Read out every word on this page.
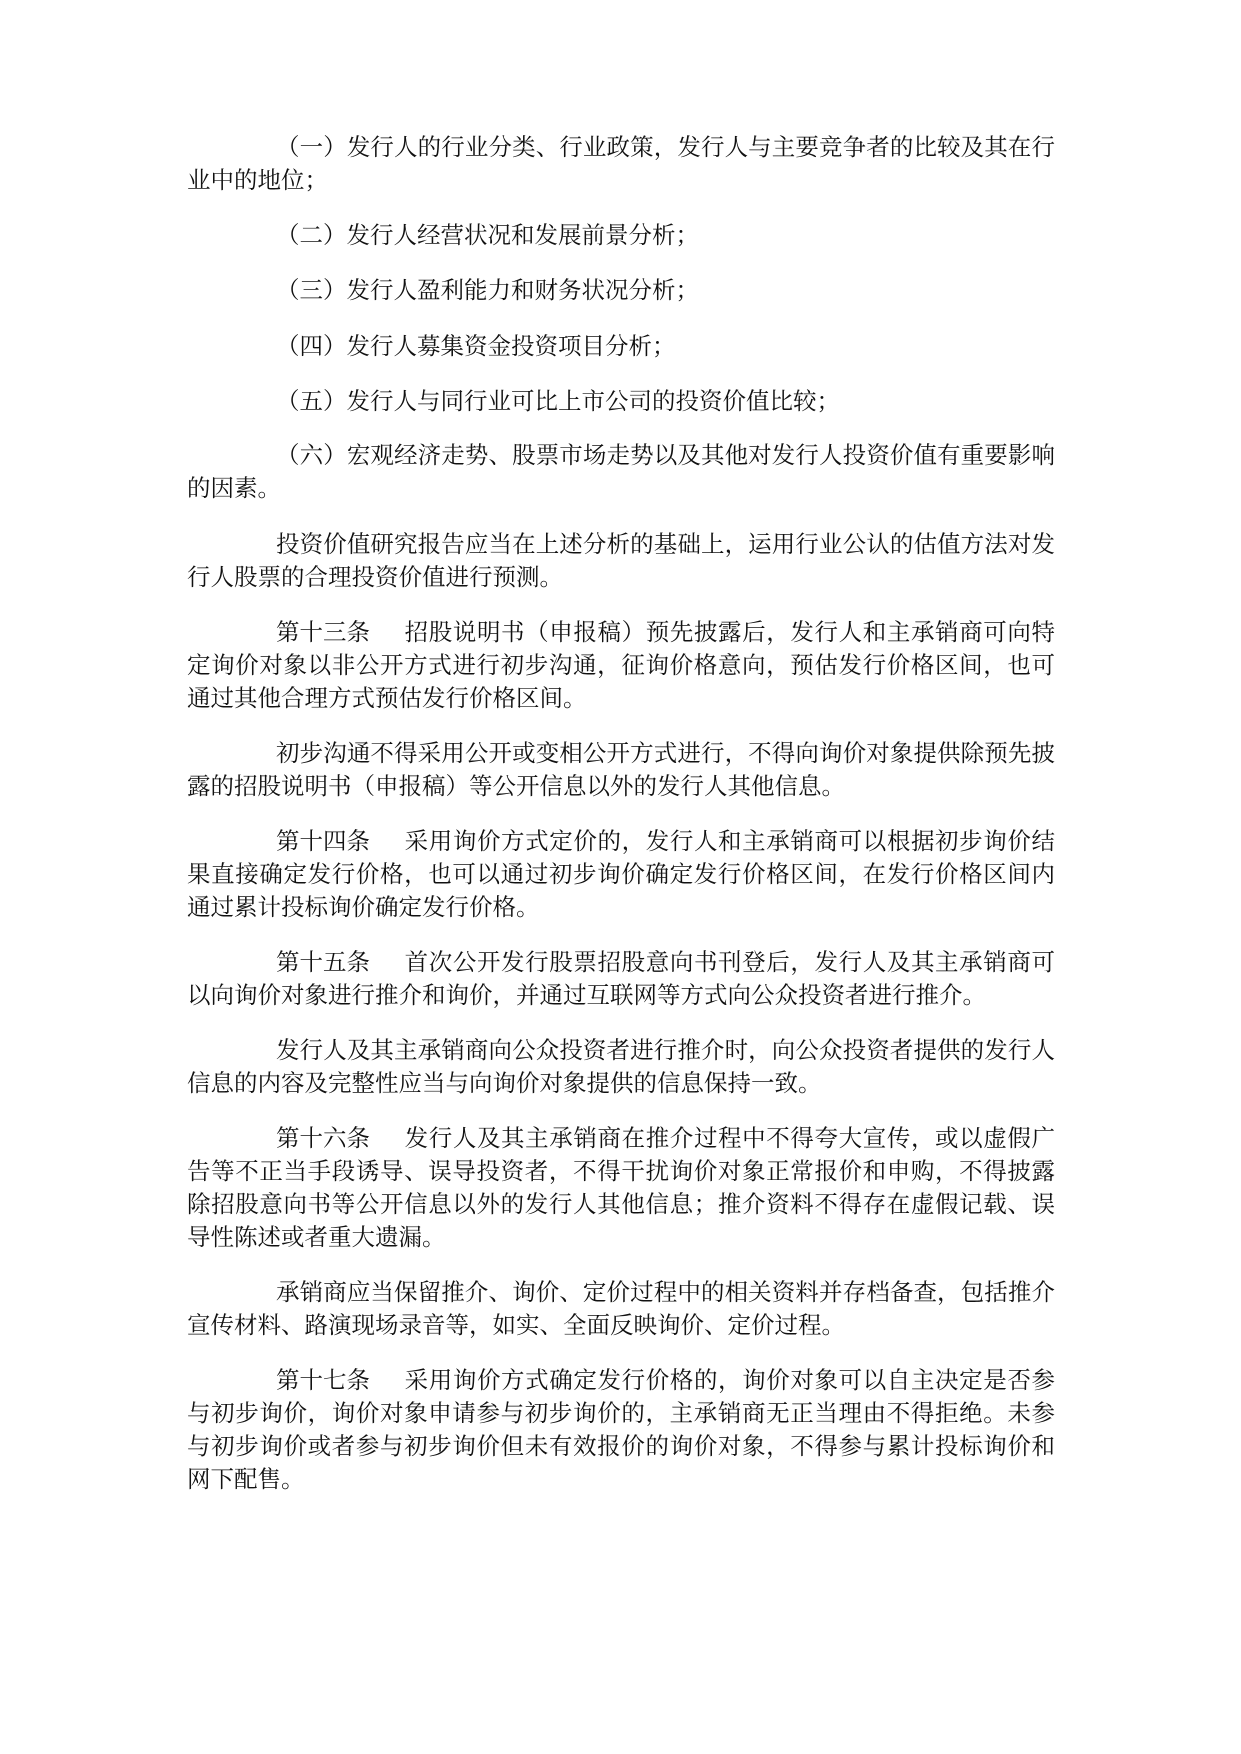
（一）发行人的行业分类、行业政策，发行人与主要竞争者的比较及其在行业中的地位；

（二）发行人经营状况和发展前景分析；

（三）发行人盈利能力和财务状况分析；

（四）发行人募集资金投资项目分析；

（五）发行人与同行业可比上市公司的投资价值比较；

（六）宏观经济走势、股票市场走势以及其他对发行人投资价值有重要影响的因素。

投资价值研究报告应当在上述分析的基础上，运用行业公认的估值方法对发行人股票的合理投资价值进行预测。

第十三条 招股说明书（申报稿）预先披露后，发行人和主承销商可向特定询价对象以非公开方式进行初步沟通，征询价格意向，预估发行价格区间，也可通过其他合理方式预估发行价格区间。

初步沟通不得采用公开或变相公开方式进行，不得向询价对象提供除预先披露的招股说明书（申报稿）等公开信息以外的发行人其他信息。

第十四条 采用询价方式定价的，发行人和主承销商可以根据初步询价结果直接确定发行价格，也可以通过初步询价确定发行价格区间，在发行价格区间内通过累计投标询价确定发行价格。

第十五条 首次公开发行股票招股意向书刊登后，发行人及其主承销商可以向询价对象进行推介和询价，并通过互联网等方式向公众投资者进行推介。

发行人及其主承销商向公众投资者进行推介时，向公众投资者提供的发行人信息的内容及完整性应当与向询价对象提供的信息保持一致。

第十六条 发行人及其主承销商在推介过程中不得夸大宣传，或以虚假广告等不正当手段诱导、误导投资者，不得干扰询价对象正常报价和申购，不得披露除招股意向书等公开信息以外的发行人其他信息；推介资料不得存在虚假记载、误导性陈述或者重大遗漏。

承销商应当保留推介、询价、定价过程中的相关资料并存档备查，包括推介宣传材料、路演现场录音等，如实、全面反映询价、定价过程。

第十七条 采用询价方式确定发行价格的，询价对象可以自主决定是否参与初步询价，询价对象申请参与初步询价的，主承销商无正当理由不得拒绝。未参与初步询价或者参与初步询价但未有效报价的询价对象，不得参与累计投标询价和网下配售。
